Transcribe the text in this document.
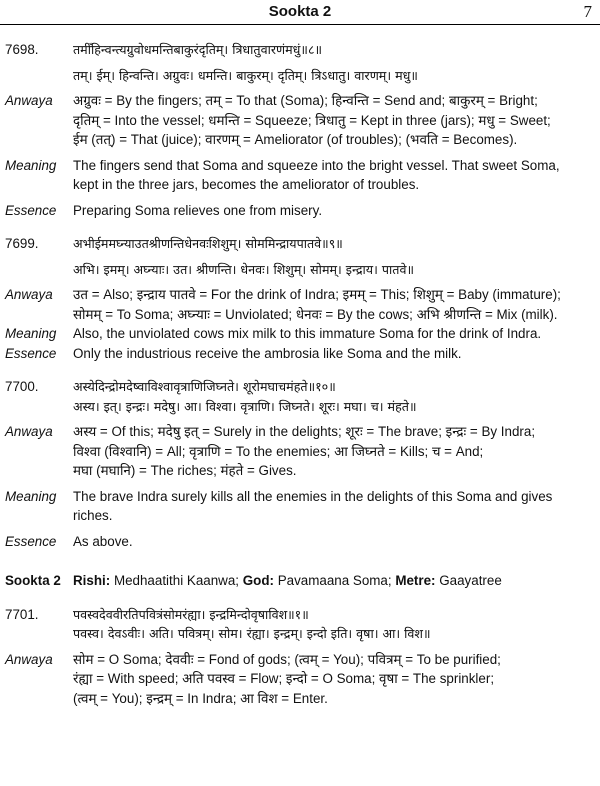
Sookta 2	7
7698.	तमीँहिन्वन्त्यग्रुवोधमन्तिबाकुरंदृतिम्। त्रिधातुवारणंमधुं॥८॥
तम्। ईम्। हिन्वन्ति। अग्रुवः। धमन्ति। बाकुरम्। दृतिम्। त्रिऽधातु। वारणम्। मधु॥
Anwaya	अग्रुवः = By the fingers; तम् = To that (Soma); हिन्वन्ति = Send and; बाकुरम् = Bright;
दृतिम् = Into the vessel; धमन्ति = Squeeze; त्रिधातु = Kept in three (jars); मधु = Sweet;
ईम (तत्) = That (juice); वारणम् = Ameliorator (of troubles); (भवति = Becomes).
Meaning	The fingers send that Soma and squeeze into the bright vessel. That sweet Soma,
kept in the three jars, becomes the ameliorator of troubles.
Essence	Preparing Soma relieves one from misery.
7699.	अभीईममघ्न्याउतश्रीणन्तिधेनवःशिशुम्। सोममिन्द्रायपातवे॥९॥
अभि। इमम्। अघ्न्याः। उत। श्रीणन्ति। धेनवः। शिशुम्। सोमम्। इन्द्राय। पातवे॥
Anwaya	उत = Also; इन्द्राय पातवे = For the drink of Indra; इमम् = This; शिशुम् = Baby (immature);
सोमम् = To Soma; अघ्न्याः = Unviolated; धेनवः = By the cows; अभि श्रीणन्ति = Mix (milk).
Meaning	Also, the unviolated cows mix milk to this immature Soma for the drink of Indra.
Essence	Only the industrious receive the ambrosia like Soma and the milk.
7700.	अस्येदिन्द्रोमदेष्वाविश्वावृत्राणिजिघ्नते। शूरोमघाचमंहते॥१०॥
अस्य। इत्। इन्द्रः। मदेषु। आ। विश्वा। वृत्राणि। जिघ्नते। शूरः। मघा। च। मंहते॥
Anwaya	अस्य = Of this; मदेषु इत् = Surely in the delights; शूरः = The brave; इन्द्रः = By Indra;
विश्वा (विश्वानि) = All; वृत्राणि = To the enemies; आ जिघ्नते = Kills; च = And;
मघा (मघानि) = The riches; मंहते = Gives.
Meaning	The brave Indra surely kills all the enemies in the delights of this Soma and gives
riches.
Essence	As above.
Sookta 2 Rishi: Medhaatithi Kaanwa; God: Pavamaana Soma; Metre: Gaayatree
7701.	पवस्वदेववीरतिपवित्रंसोमरंह्या। इन्द्रमिन्दोवृषाविश॥१॥
पवस्व। देवऽवीः। अति। पवित्रम्। सोम। रंह्या। इन्द्रम्। इन्दो इति। वृषा। आ। विश॥
Anwaya	सोम = O Soma; देववीः = Fond of gods; (त्वम् = You); पवित्रम् = To be purified;
रंह्या = With speed; अति पवस्व = Flow; इन्दो = O Soma; वृषा = The sprinkler;
(त्वम् = You); इन्द्रम् = In Indra; आ विश = Enter.
